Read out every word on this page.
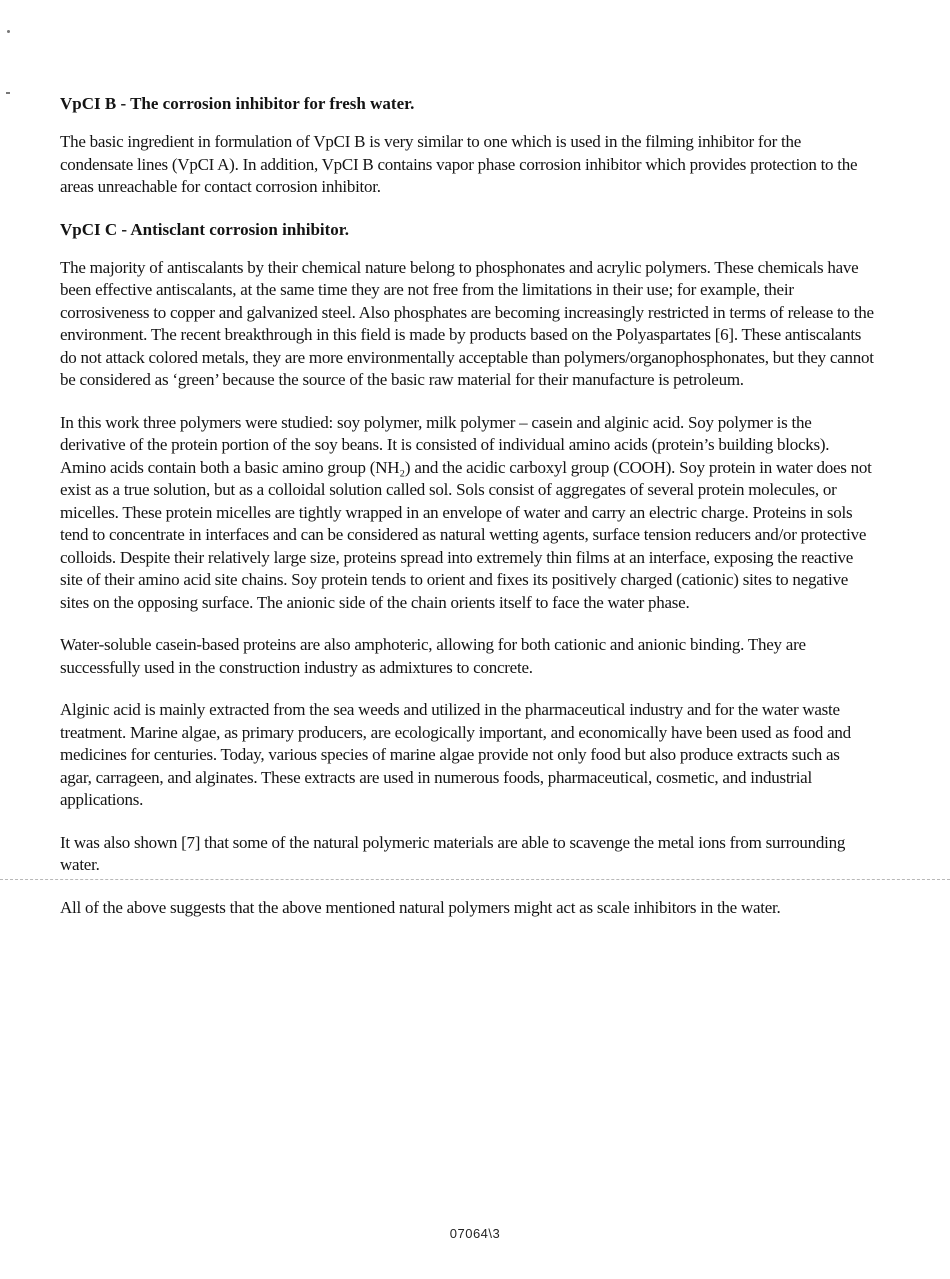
VpCI B - The corrosion inhibitor for fresh water.

The basic ingredient in formulation of VpCI B is very similar to one which is used in the filming inhibitor for the condensate lines (VpCI A). In addition, VpCI B contains vapor phase corrosion inhibitor which provides protection to the areas unreachable for contact corrosion inhibitor.

VpCI C - Antisclant corrosion inhibitor.

The majority of antiscalants by their chemical nature belong to phosphonates and acrylic polymers. These chemicals have been effective antiscalants, at the same time they are not free from the limitations in their use; for example, their corrosiveness to copper and galvanized steel. Also phosphates are becoming increasingly restricted in terms of release to the environment. The recent breakthrough in this field is made by products based on the Polyaspartates [6]. These antiscalants do not attack colored metals, they are more environmentally acceptable than polymers/organophosphonates, but they cannot be considered as ‘green’ because the source of the basic raw material for their manufacture is petroleum.

In this work three polymers were studied: soy polymer, milk polymer – casein and alginic acid. Soy polymer is the derivative of the protein portion of the soy beans. It is consisted of individual amino acids (protein’s building blocks). Amino acids contain both a basic amino group (NH₂) and the acidic carboxyl group (COOH). Soy protein in water does not exist as a true solution, but as a colloidal solution called sol. Sols consist of aggregates of several protein molecules, or micelles. These protein micelles are tightly wrapped in an envelope of water and carry an electric charge. Proteins in sols tend to concentrate in interfaces and can be considered as natural wetting agents, surface tension reducers and/or protective colloids. Despite their relatively large size, proteins spread into extremely thin films at an interface, exposing the reactive site of their amino acid site chains. Soy protein tends to orient and fixes its positively charged (cationic) sites to negative sites on the opposing surface. The anionic side of the chain orients itself to face the water phase.

Water-soluble casein-based proteins are also amphoteric, allowing for both cationic and anionic binding. They are successfully used in the construction industry as admixtures to concrete.

Alginic acid is mainly extracted from the sea weeds and utilized in the pharmaceutical industry and for the water waste treatment. Marine algae, as primary producers, are ecologically important, and economically have been used as food and medicines for centuries. Today, various species of marine algae provide not only food but also produce extracts such as agar, carrageen, and alginates. These extracts are used in numerous foods, pharmaceutical, cosmetic, and industrial applications.

It was also shown [7] that some of the natural polymeric materials are able to scavenge the metal ions from surrounding water.

All of the above suggests that the above mentioned natural polymers might act as scale inhibitors in the water.

07064\3
